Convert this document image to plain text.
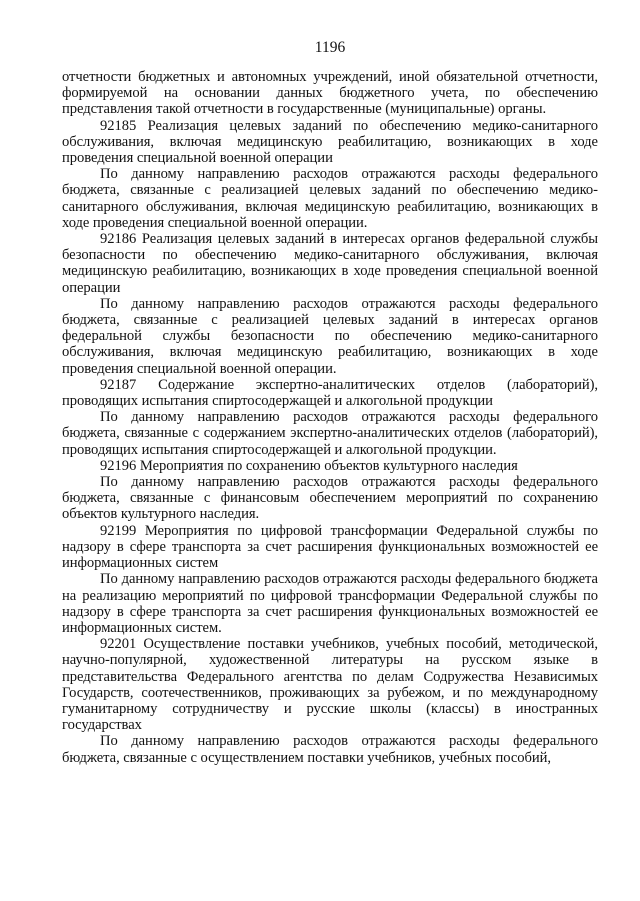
1196

отчетности бюджетных и автономных учреждений, иной обязательной отчетности, формируемой на основании данных бюджетного учета, по обеспечению представления такой отчетности в государственные (муниципальные) органы.

92185 Реализация целевых заданий по обеспечению медико-санитарного обслуживания, включая медицинскую реабилитацию, возникающих в ходе проведения специальной военной операции

По данному направлению расходов отражаются расходы федерального бюджета, связанные с реализацией целевых заданий по обеспечению медико-санитарного обслуживания, включая медицинскую реабилитацию, возникающих в ходе проведения специальной военной операции.

92186 Реализация целевых заданий в интересах органов федеральной службы безопасности по обеспечению медико-санитарного обслуживания, включая медицинскую реабилитацию, возникающих в ходе проведения специальной военной операции

По данному направлению расходов отражаются расходы федерального бюджета, связанные с реализацией целевых заданий в интересах органов федеральной службы безопасности по обеспечению медико-санитарного обслуживания, включая медицинскую реабилитацию, возникающих в ходе проведения специальной военной операции.

92187 Содержание экспертно-аналитических отделов (лабораторий), проводящих испытания спиртосодержащей и алкогольной продукции

По данному направлению расходов отражаются расходы федерального бюджета, связанные с содержанием экспертно-аналитических отделов (лабораторий), проводящих испытания спиртосодержащей и алкогольной продукции.

92196 Мероприятия по сохранению объектов культурного наследия

По данному направлению расходов отражаются расходы федерального бюджета, связанные с финансовым обеспечением мероприятий по сохранению объектов культурного наследия.

92199 Мероприятия по цифровой трансформации Федеральной службы по надзору в сфере транспорта за счет расширения функциональных возможностей ее информационных систем

По данному направлению расходов отражаются расходы федерального бюджета на реализацию мероприятий по цифровой трансформации Федеральной службы по надзору в сфере транспорта за счет расширения функциональных возможностей ее информационных систем.

92201 Осуществление поставки учебников, учебных пособий, методической, научно-популярной, художественной литературы на русском языке в представительства Федерального агентства по делам Содружества Независимых Государств, соотечественников, проживающих за рубежом, и по международному гуманитарному сотрудничеству и русские школы (классы) в иностранных государствах

По данному направлению расходов отражаются расходы федерального бюджета, связанные с осуществлением поставки учебников, учебных пособий,
